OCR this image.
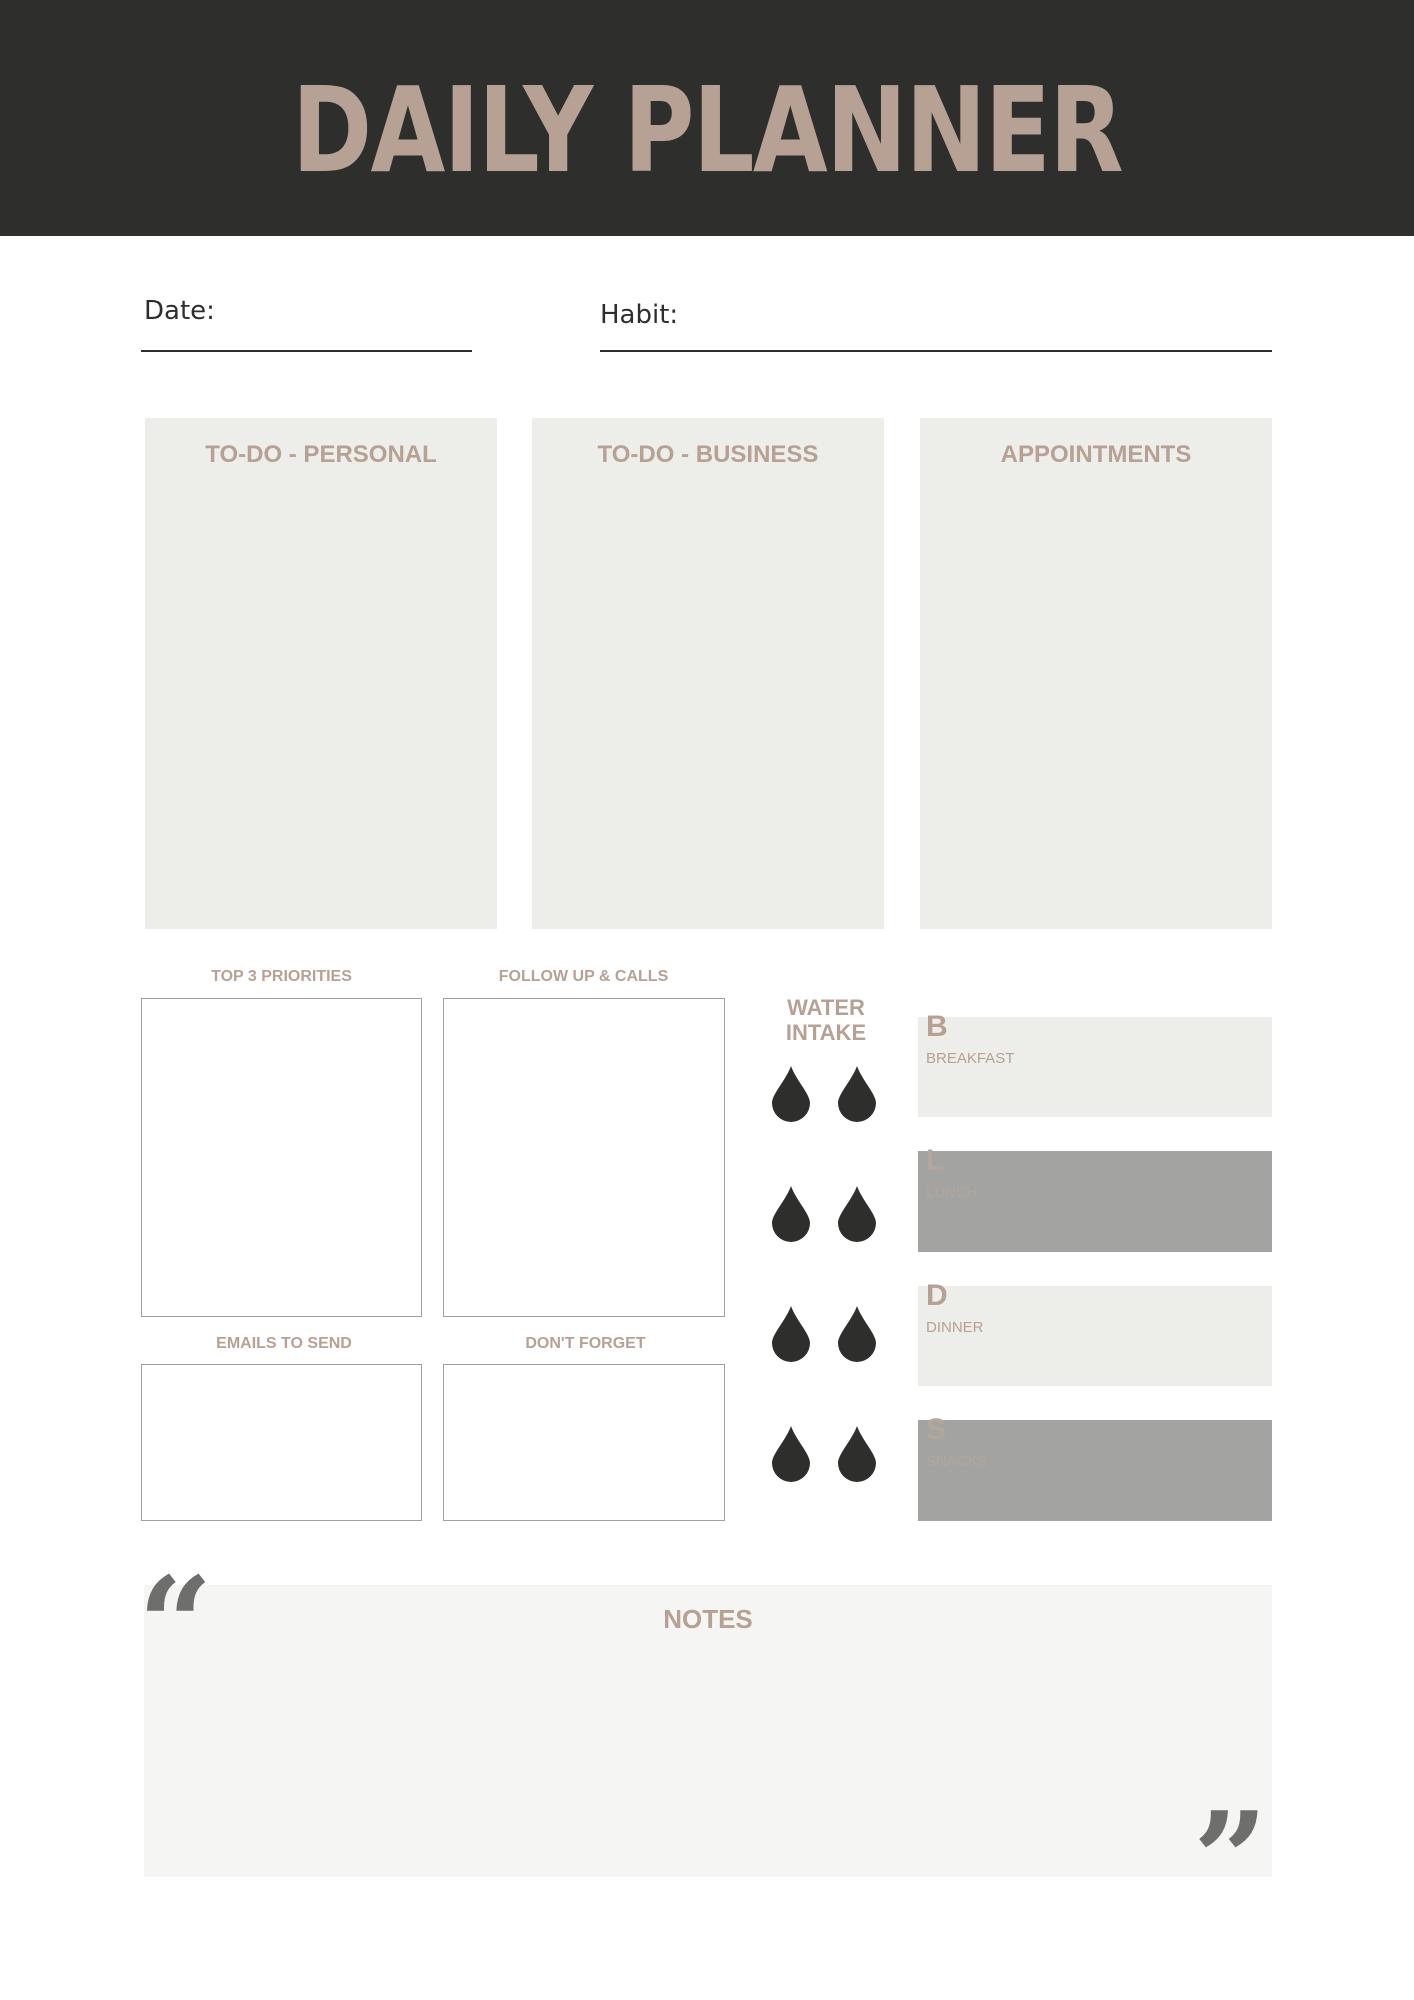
DAILY PLANNER
Date:	Habit:
TO-DO - PERSONAL	TO-DO - BUSINESS	APPOINTMENTS
TOP 3 PRIORITIES	FOLLOW UP & CALLS
EMAILS TO SEND	DON'T FORGET
WATER
INTAKE	B
BREAKFAST
L
LUNCH
D
DINNER
S
SNACKS
NOTES
“
”
